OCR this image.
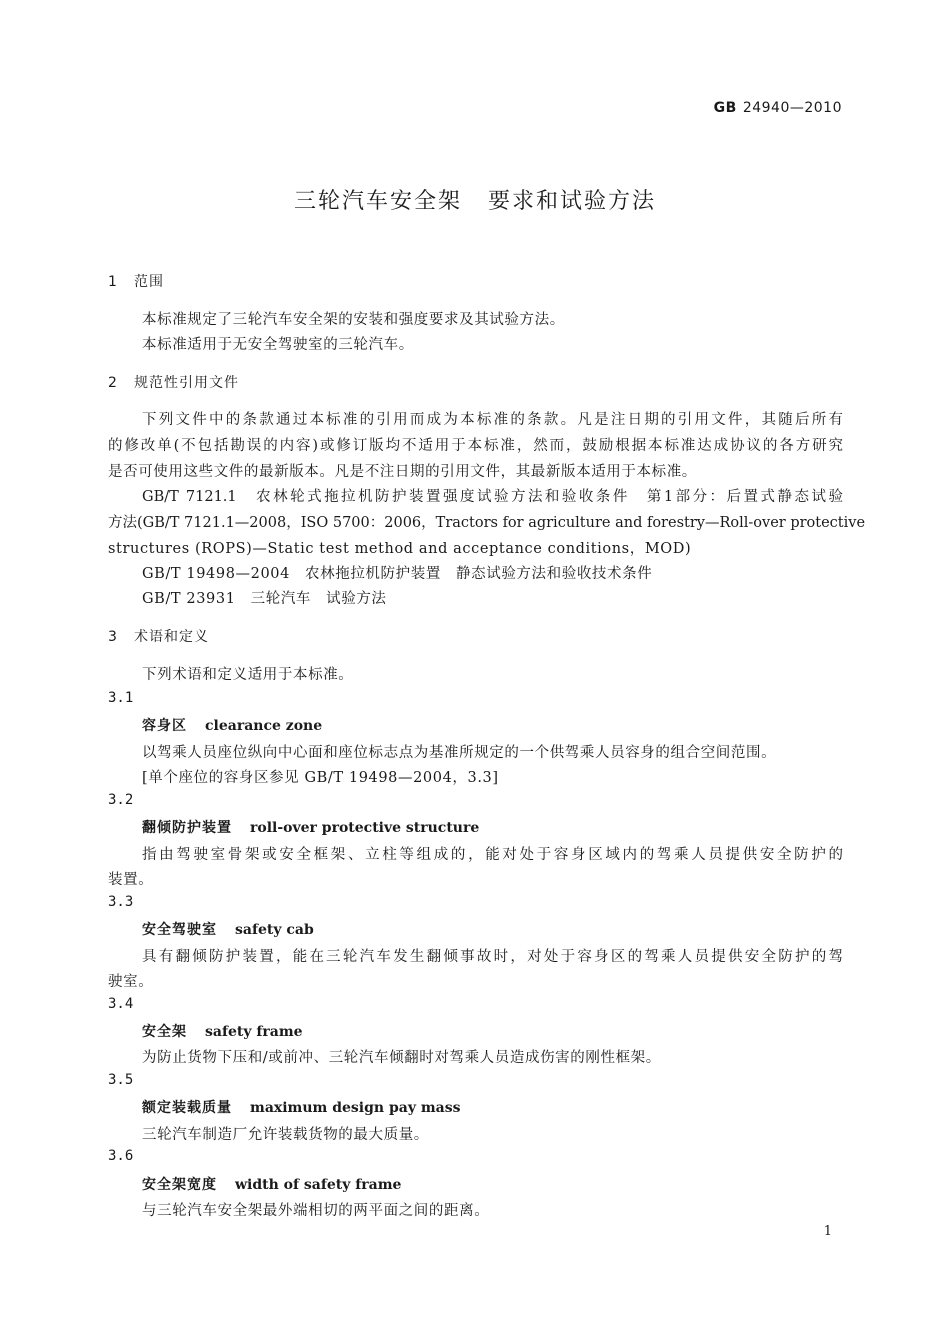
GB 24940—2010
三轮汽车安全架 要求和试验方法
1 范围
本标准规定了三轮汽车安全架的安装和强度要求及其试验方法。
本标准适用于无安全驾驶室的三轮汽车。
2 规范性引用文件
下列文件中的条款通过本标准的引用而成为本标准的条款。凡是注日期的引用文件，其随后所有
的修改单(不包括勘误的内容)或修订版均不适用于本标准，然而，鼓励根据本标准达成协议的各方研究
是否可使用这些文件的最新版本。凡是不注日期的引用文件，其最新版本适用于本标准。
GB/T 7121.1　农林轮式拖拉机防护装置强度试验方法和验收条件　第1部分：后置式静态试验
方法(GB/T 7121.1—2008，ISO 5700：2006，Tractors for agriculture and forestry—Roll-over protective
structures (ROPS)—Static test method and acceptance conditions，MOD)
GB/T 19498—2004　农林拖拉机防护装置　静态试验方法和验收技术条件
GB/T 23931　三轮汽车　试验方法
3 术语和定义
下列术语和定义适用于本标准。
3.1
容身区 clearance zone
以驾乘人员座位纵向中心面和座位标志点为基准所规定的一个供驾乘人员容身的组合空间范围。
[单个座位的容身区参见 GB/T 19498—2004，3.3]
3.2
翻倾防护装置 roll-over protective structure
指由驾驶室骨架或安全框架、立柱等组成的，能对处于容身区域内的驾乘人员提供安全防护的
装置。
3.3
安全驾驶室 safety cab
具有翻倾防护装置，能在三轮汽车发生翻倾事故时，对处于容身区的驾乘人员提供安全防护的驾
驶室。
3.4
安全架 safety frame
为防止货物下压和/或前冲、三轮汽车倾翻时对驾乘人员造成伤害的刚性框架。
3.5
额定装载质量 maximum design pay mass
三轮汽车制造厂允许装载货物的最大质量。
3.6
安全架宽度 width of safety frame
与三轮汽车安全架最外端相切的两平面之间的距离。
1
